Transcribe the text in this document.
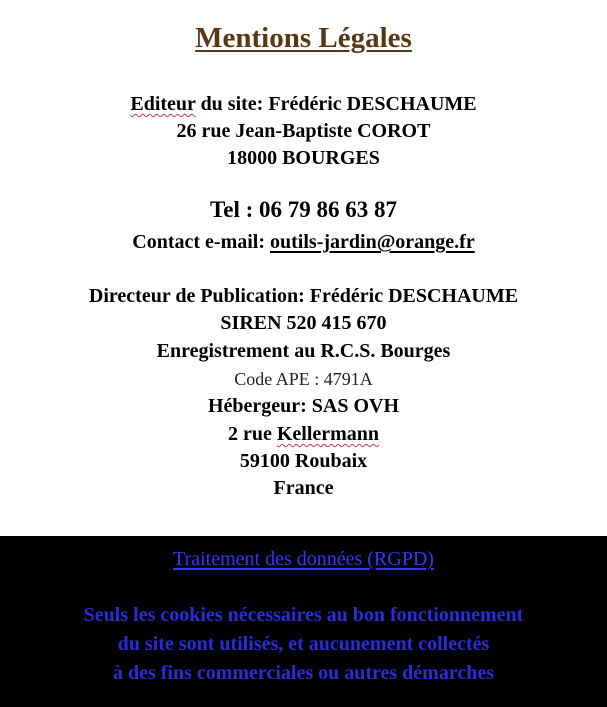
Mentions Légales
Editeur du site: Frédéric DESCHAUME
26 rue Jean-Baptiste COROT
18000 BOURGES
Tel : 06 79 86 63 87
Contact e-mail: outils-jardin@orange.fr
Directeur de Publication: Frédéric DESCHAUME
SIREN 520 415 670
Enregistrement au R.C.S. Bourges
Code APE : 4791A
Hébergeur: SAS OVH
2 rue Kellermann
59100 Roubaix
France
Traitement des données (RGPD)
Seuls les cookies nécessaires au bon fonctionnement
du site sont utilisés, et aucunement collectés
à des fins commerciales ou autres démarches
